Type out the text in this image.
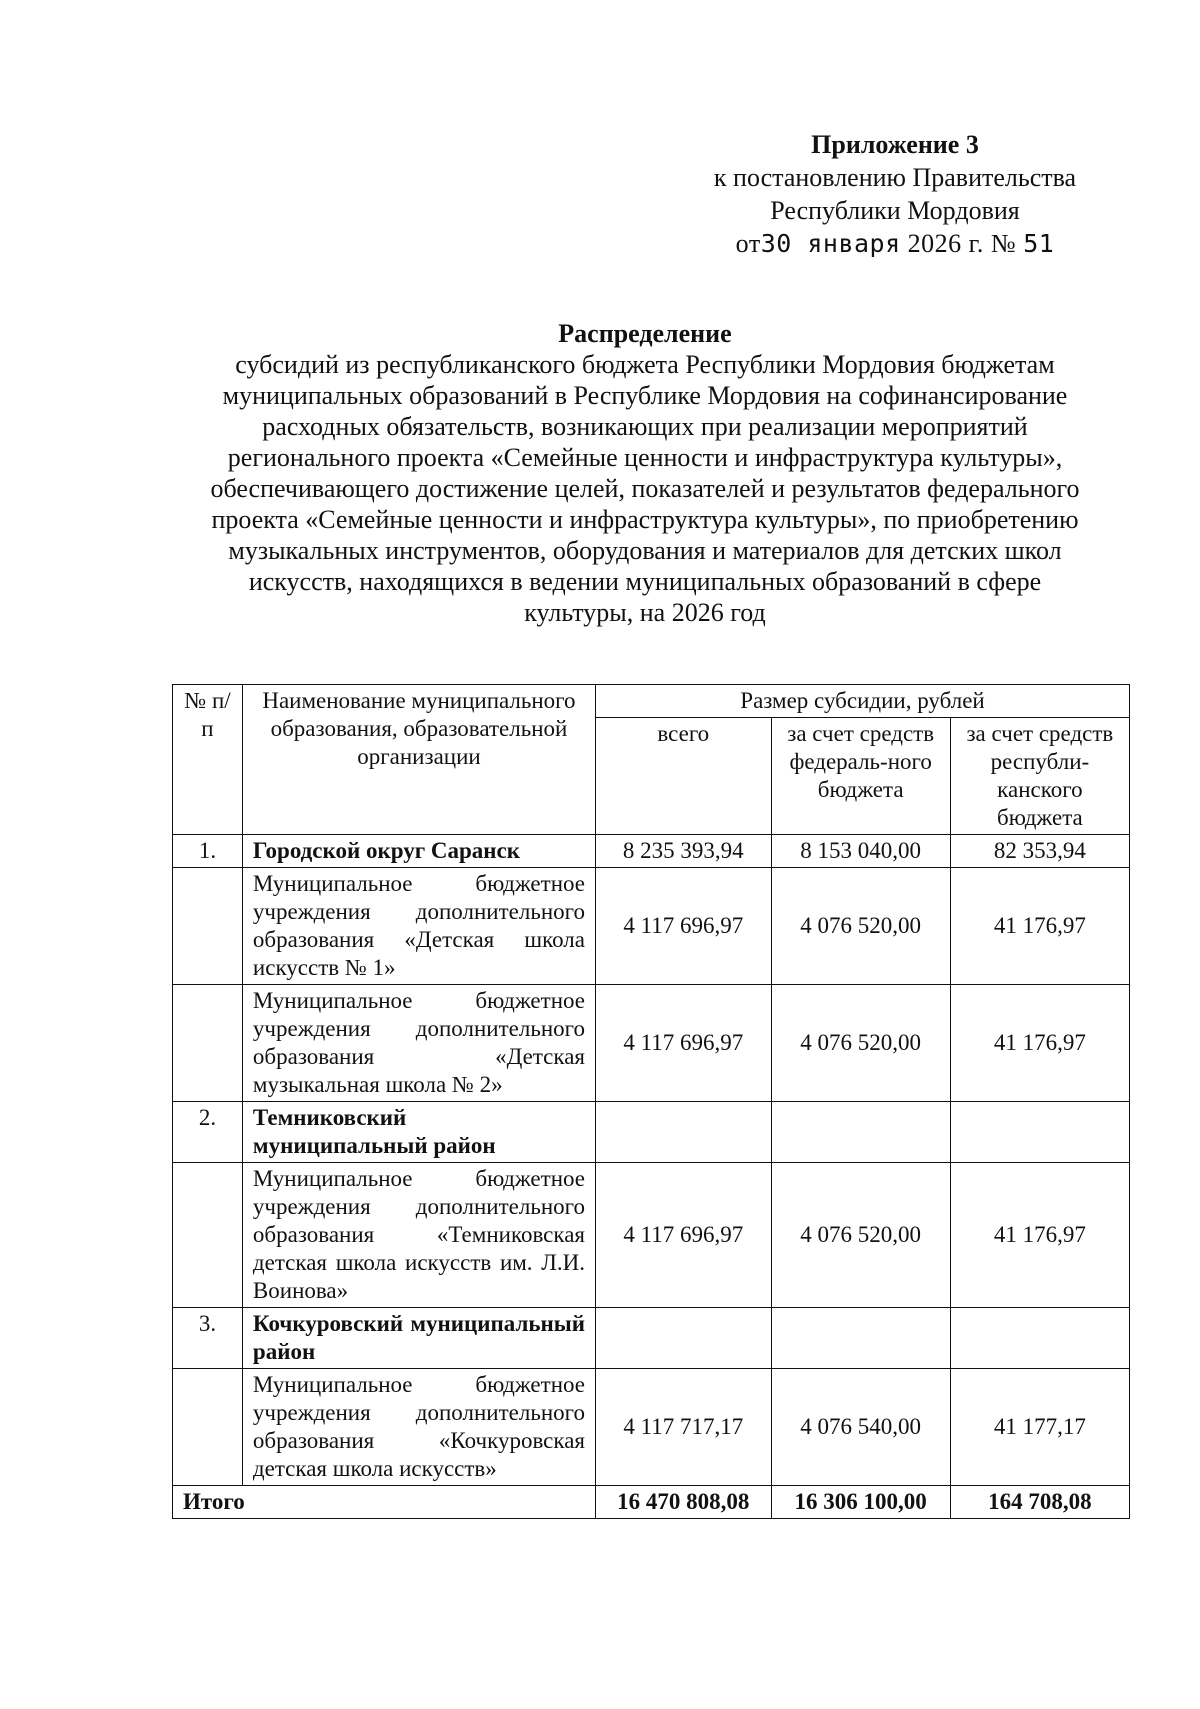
Приложение 3
к постановлению Правительства
Республики Мордовия
от30 января 2026 г. № 51
Распределение
субсидий из республиканского бюджета Республики Мордовия бюджетам
муниципальных образований в Республике Мордовия на софинансирование
расходных обязательств, возникающих при реализации мероприятий
регионального проекта «Семейные ценности и инфраструктура культуры»,
обеспечивающего достижение целей, показателей и результатов федерального
проекта «Семейные ценности и инфраструктура культуры», по приобретению
музыкальных инструментов, оборудования и материалов для детских школ
искусств, находящихся в ведении муниципальных образований в сфере
культуры, на 2026 год
№ п/п	Наименование муниципального образования, образовательной организации	Размер субсидии, рублей		
		всего	за счет средств федераль-ного бюджета	за счет средств республи-канского бюджета
1.	Городской округ Саранск	8 235 393,94	8 153 040,00	82 353,94
	Муниципальное бюджетное учреждения дополнительного образования «Детская школа искусств № 1»	4 117 696,97	4 076 520,00	41 176,97
	Муниципальное бюджетное учреждения дополнительного образования «Детская музыкальная школа № 2»	4 117 696,97	4 076 520,00	41 176,97
2.	Темниковский муниципальный район			
	Муниципальное бюджетное учреждения дополнительного образования «Темниковская детская школа искусств им. Л.И. Воинова»	4 117 696,97	4 076 520,00	41 176,97
3.	Кочкуровский муниципальный район			
	Муниципальное бюджетное учреждения дополнительного образования «Кочкуровская детская школа искусств»	4 117 717,17	4 076 540,00	41 177,17
Итого		16 470 808,08	16 306 100,00	164 708,08
